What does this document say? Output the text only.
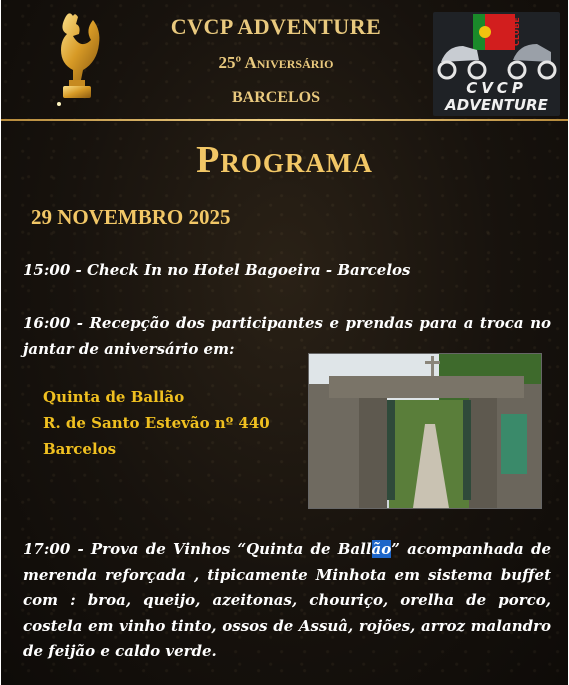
CVCP ADVENTURE
25º Aniversário
BARCELOS
CLUBE
CVCP
ADVENTURE
Programa
29 NOVEMBRO 2025
15:00 - Check In no Hotel Bagoeira - Barcelos
16:00 - Recepção dos participantes e prendas para a troca no jantar de aniversário em:
Quinta de Ballão
R. de Santo Estevão nº 440
Barcelos
17:00 - Prova de Vinhos “Quinta de Ballão” acompanhada de merenda reforçada , tipicamente Minhota em sistema buffet com : broa, queijo, azeitonas, chouriço, orelha de porco, costela em vinho tinto, ossos de Assuâ, rojões, arroz malandro de feijão e caldo verde.
